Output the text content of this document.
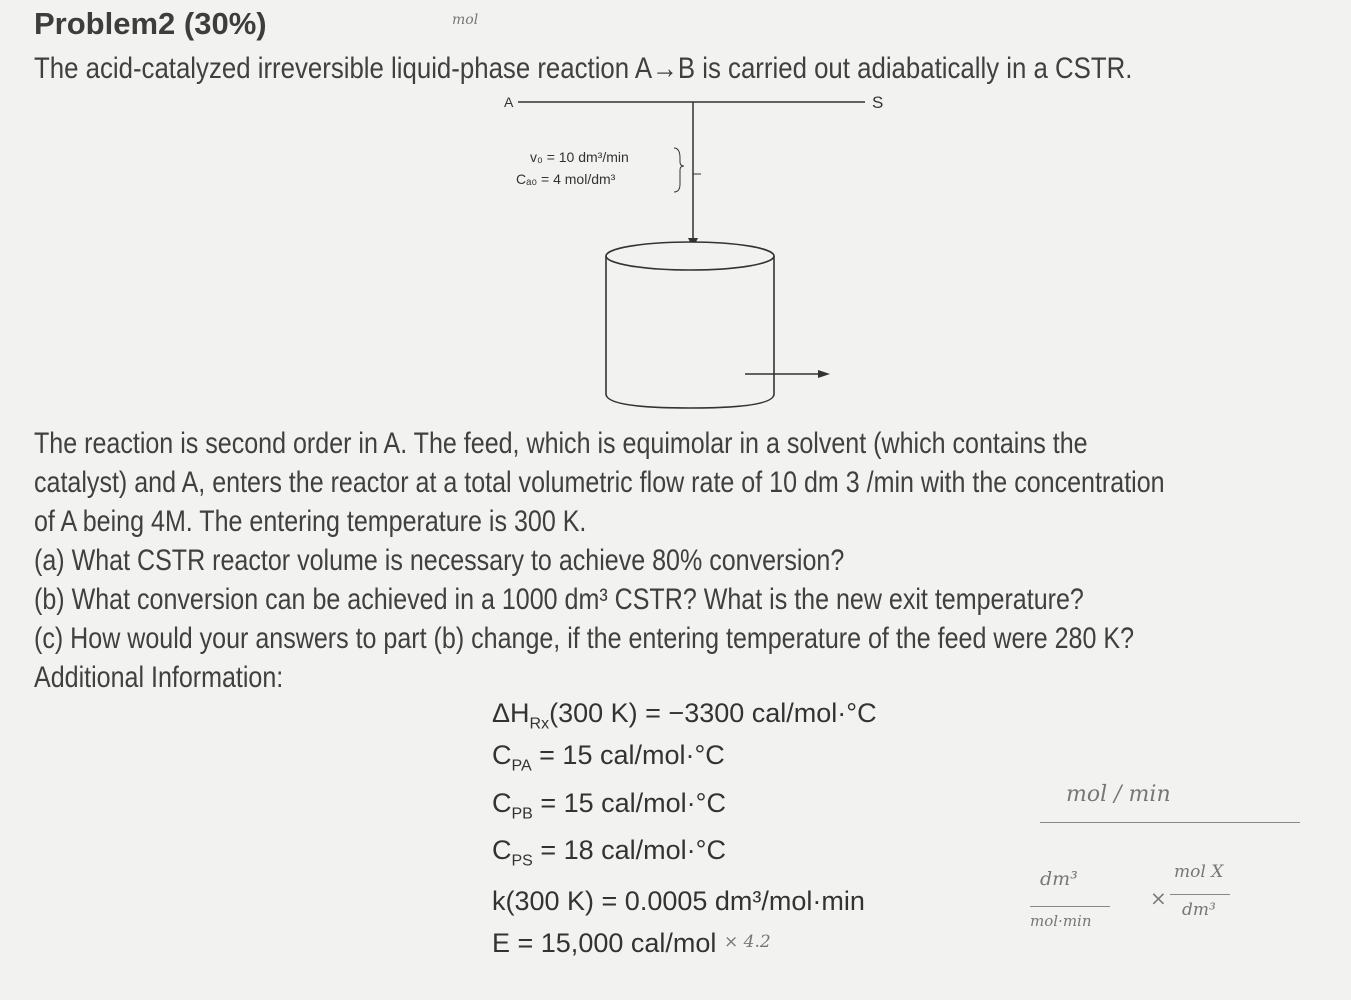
Problem2 (30%)	mol
The acid-catalyzed irreversible liquid-phase reaction A→B is carried out adiabatically in a CSTR.
A	S
v₀ = 10 dm³/min
Cₐ₀ = 4 mol/dm³
The reaction is second order in A. The feed, which is equimolar in a solvent (which contains the
catalyst) and A, enters the reactor at a total volumetric flow rate of 10 dm 3 /min with the concentration
of A being 4M. The entering temperature is 300 K.
(a) What CSTR reactor volume is necessary to achieve 80% conversion?
(b) What conversion can be achieved in a 1000 dm³ CSTR? What is the new exit temperature?
(c) How would your answers to part (b) change, if the entering temperature of the feed were 280 K?
Additional Information:
$\Delta H_{Rx}(300$ K) = −3300 cal/mol·°C
$C_{PA} = 15$ cal/mol·°C
$C_{PB} = 15$ cal/mol·°C
$C_{PS} = 18$ cal/mol·°C
k(300 K) = 0.0005 dm³/mol·min
E = 15,000 cal/mol × 4.2
mol / min
dm³
mol·min
×
mol X
dm³
